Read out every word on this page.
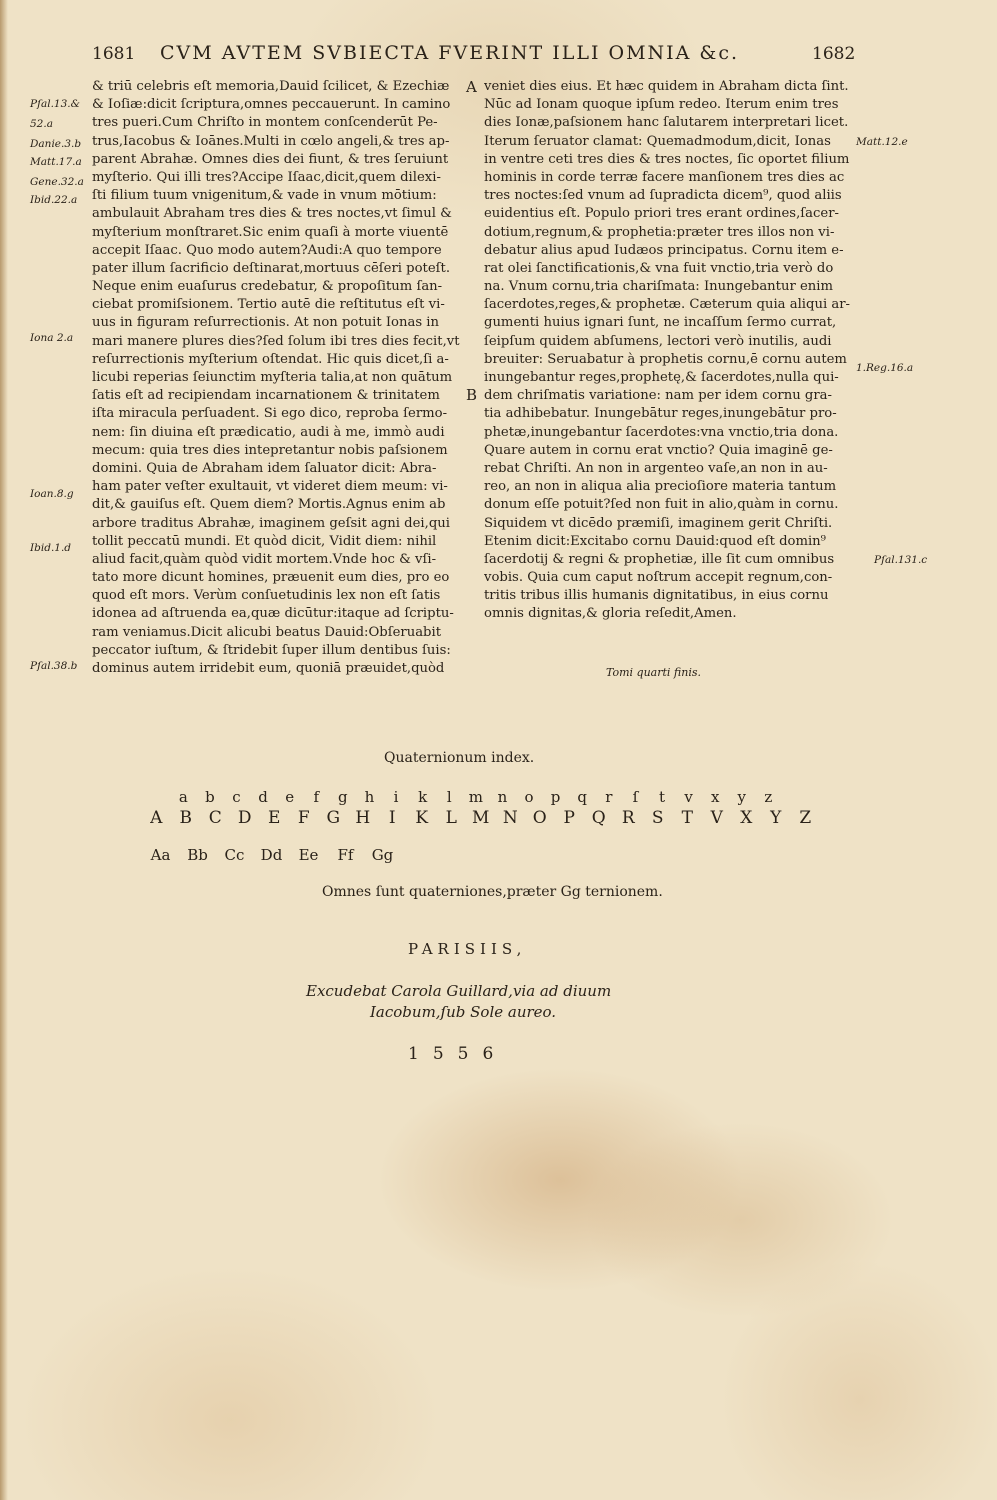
1681 CVM AVTEM SVBIECTA FVERINT ILLI OMNIA &c.	1682
& triū celebris eſt memoria,Dauid ſcilicet, & Ezechiæ
& Ioſiæ:dicit ſcriptura,omnes peccauerunt. In camino
tres pueri.Cum Chriſto in montem conſcenderūt Pe-
trus,Iacobus & Ioānes.Multi in cœlo angeli,& tres ap-
parent Abrahæ. Omnes dies dei fiunt, & tres ſeruiunt
myſterio. Qui illi tres?Accipe Iſaac,dicit,quem dilexi-
ſti filium tuum vnigenitum,& vade in vnum mōtium:
ambulauit Abraham tres dies & tres noctes,vt ſimul &
myſterium monſtraret.Sic enim quaſi à morte viuentē
accepit Iſaac. Quo modo autem?Audi:A quo tempore
pater illum ſacrificio deſtinarat,mortuus cēſeri poteſt.
Neque enim euaſurus credebatur, & propoſitum ſan-
ciebat promiſsionem. Tertio autē die reſtitutus eſt vi-
uus in figuram reſurrectionis. At non potuit Ionas in
mari manere plures dies?ſed ſolum ibi tres dies fecit,vt
reſurrectionis myſterium oſtendat. Hic quis dicet,ſi a-
licubi reperias ſeiunctim myſteria talia,at non quātum
ſatis eſt ad recipiendam incarnationem & trinitatem
iſta miracula perſuadent. Si ego dico, reproba ſermo-
nem: ſin diuina eſt prædicatio, audi à me, immò audi
mecum: quia tres dies intepretantur nobis paſsionem
domini. Quia de Abraham idem ſaluator dicit: Abra-
ham pater veſter exultauit, vt videret diem meum: vi-
dit,& gauiſus eſt. Quem diem? Mortis.Agnus enim ab
arbore traditus Abrahæ, imaginem geſsit agni dei,qui
tollit peccatū mundi. Et quòd dicit, Vidit diem: nihil
aliud facit,quàm quòd vidit mortem.Vnde hoc & vſi-
tato more dicunt homines, præuenit eum dies, pro eo
quod eſt mors. Verùm conſuetudinis lex non eſt ſatis
idonea ad aſtruenda ea,quæ dicūtur:itaque ad ſcriptu-
ram veniamus.Dicit alicubi beatus Dauid:Obſeruabit
peccator iuſtum, & ſtridebit ſuper illum dentibus ſuis:
dominus autem irridebit eum, quoniā præuidet,quòd
veniet dies eius. Et hæc quidem in Abraham dicta ſint.
Nūc ad Ionam quoque ipſum redeo. Iterum enim tres
dies Ionæ,paſsionem hanc ſalutarem interpretari licet.
Iterum ſeruator clamat: Quemadmodum,dicit, Ionas
in ventre ceti tres dies & tres noctes, ſic oportet filium
hominis in corde terræ facere manſionem tres dies ac
tres noctes:ſed vnum ad ſupradicta dicem⁹, quod aliis
euidentius eſt. Populo priori tres erant ordines,ſacer-
dotium,regnum,& prophetia:præter tres illos non vi-
debatur alius apud Iudæos principatus. Cornu item e-
rat olei ſanctificationis,& vna fuit vnctio,tria verò do
na. Vnum cornu,tria chariſmata: Inungebantur enim
ſacerdotes,reges,& prophetæ. Cæterum quia aliqui ar-
gumenti huius ignari ſunt, ne incaſſum ſermo currat,
ſeipſum quidem abſumens, lectori verò inutilis, audi
breuiter: Seruabatur à prophetis cornu,ē cornu autem
inungebantur reges,prophetę,& ſacerdotes,nulla qui-
dem chriſmatis variatione: nam per idem cornu gra-
tia adhibebatur. Inungebātur reges,inungebātur pro-
phetæ,inungebantur ſacerdotes:vna vnctio,tria dona.
Quare autem in cornu erat vnctio? Quia imaginē ge-
rebat Chriſti. An non in argenteo vaſe,an non in au-
reo, an non in aliqua alia precioſiore materia tantum
donum eſſe potuit?ſed non fuit in alio,quàm in cornu.
Siquidem vt dicēdo præmiſi, imaginem gerit Chriſti.
Etenim dicit:Excitabo cornu Dauid:quod eſt domin⁹
ſacerdotij & regni & prophetiæ, ille ſit cum omnibus
vobis. Quia cum caput noſtrum accepit regnum,con-
tritis tribus illis humanis dignitatibus, in eius cornu
omnis dignitas,& gloria reſedit,Amen.
Pſal.13.&
52.a
Danie.3.b
Matt.17.a
Gene.32.a
Ibid.22.a
Iona 2.a
Ioan.8.g
Ibid.1.d
Pſal.38.b
Matt.12.e
1.Reg.16.a
Pſal.131.c
A
B
Tomi quarti finis.
Quaternionum index.
a b c d e f g h i k l m n o p q r ſ t v x y z
A B C D E F G H I K L M N O P Q R S T V X Y Z
Aa Bb Cc Dd Ee Ff Gg
Omnes ſunt quaterniones,præter Gg ternionem.
PARISIIS,
Excudebat Carola Guillard,via ad diuum
Iacobum,ſub Sole aureo.
1556
